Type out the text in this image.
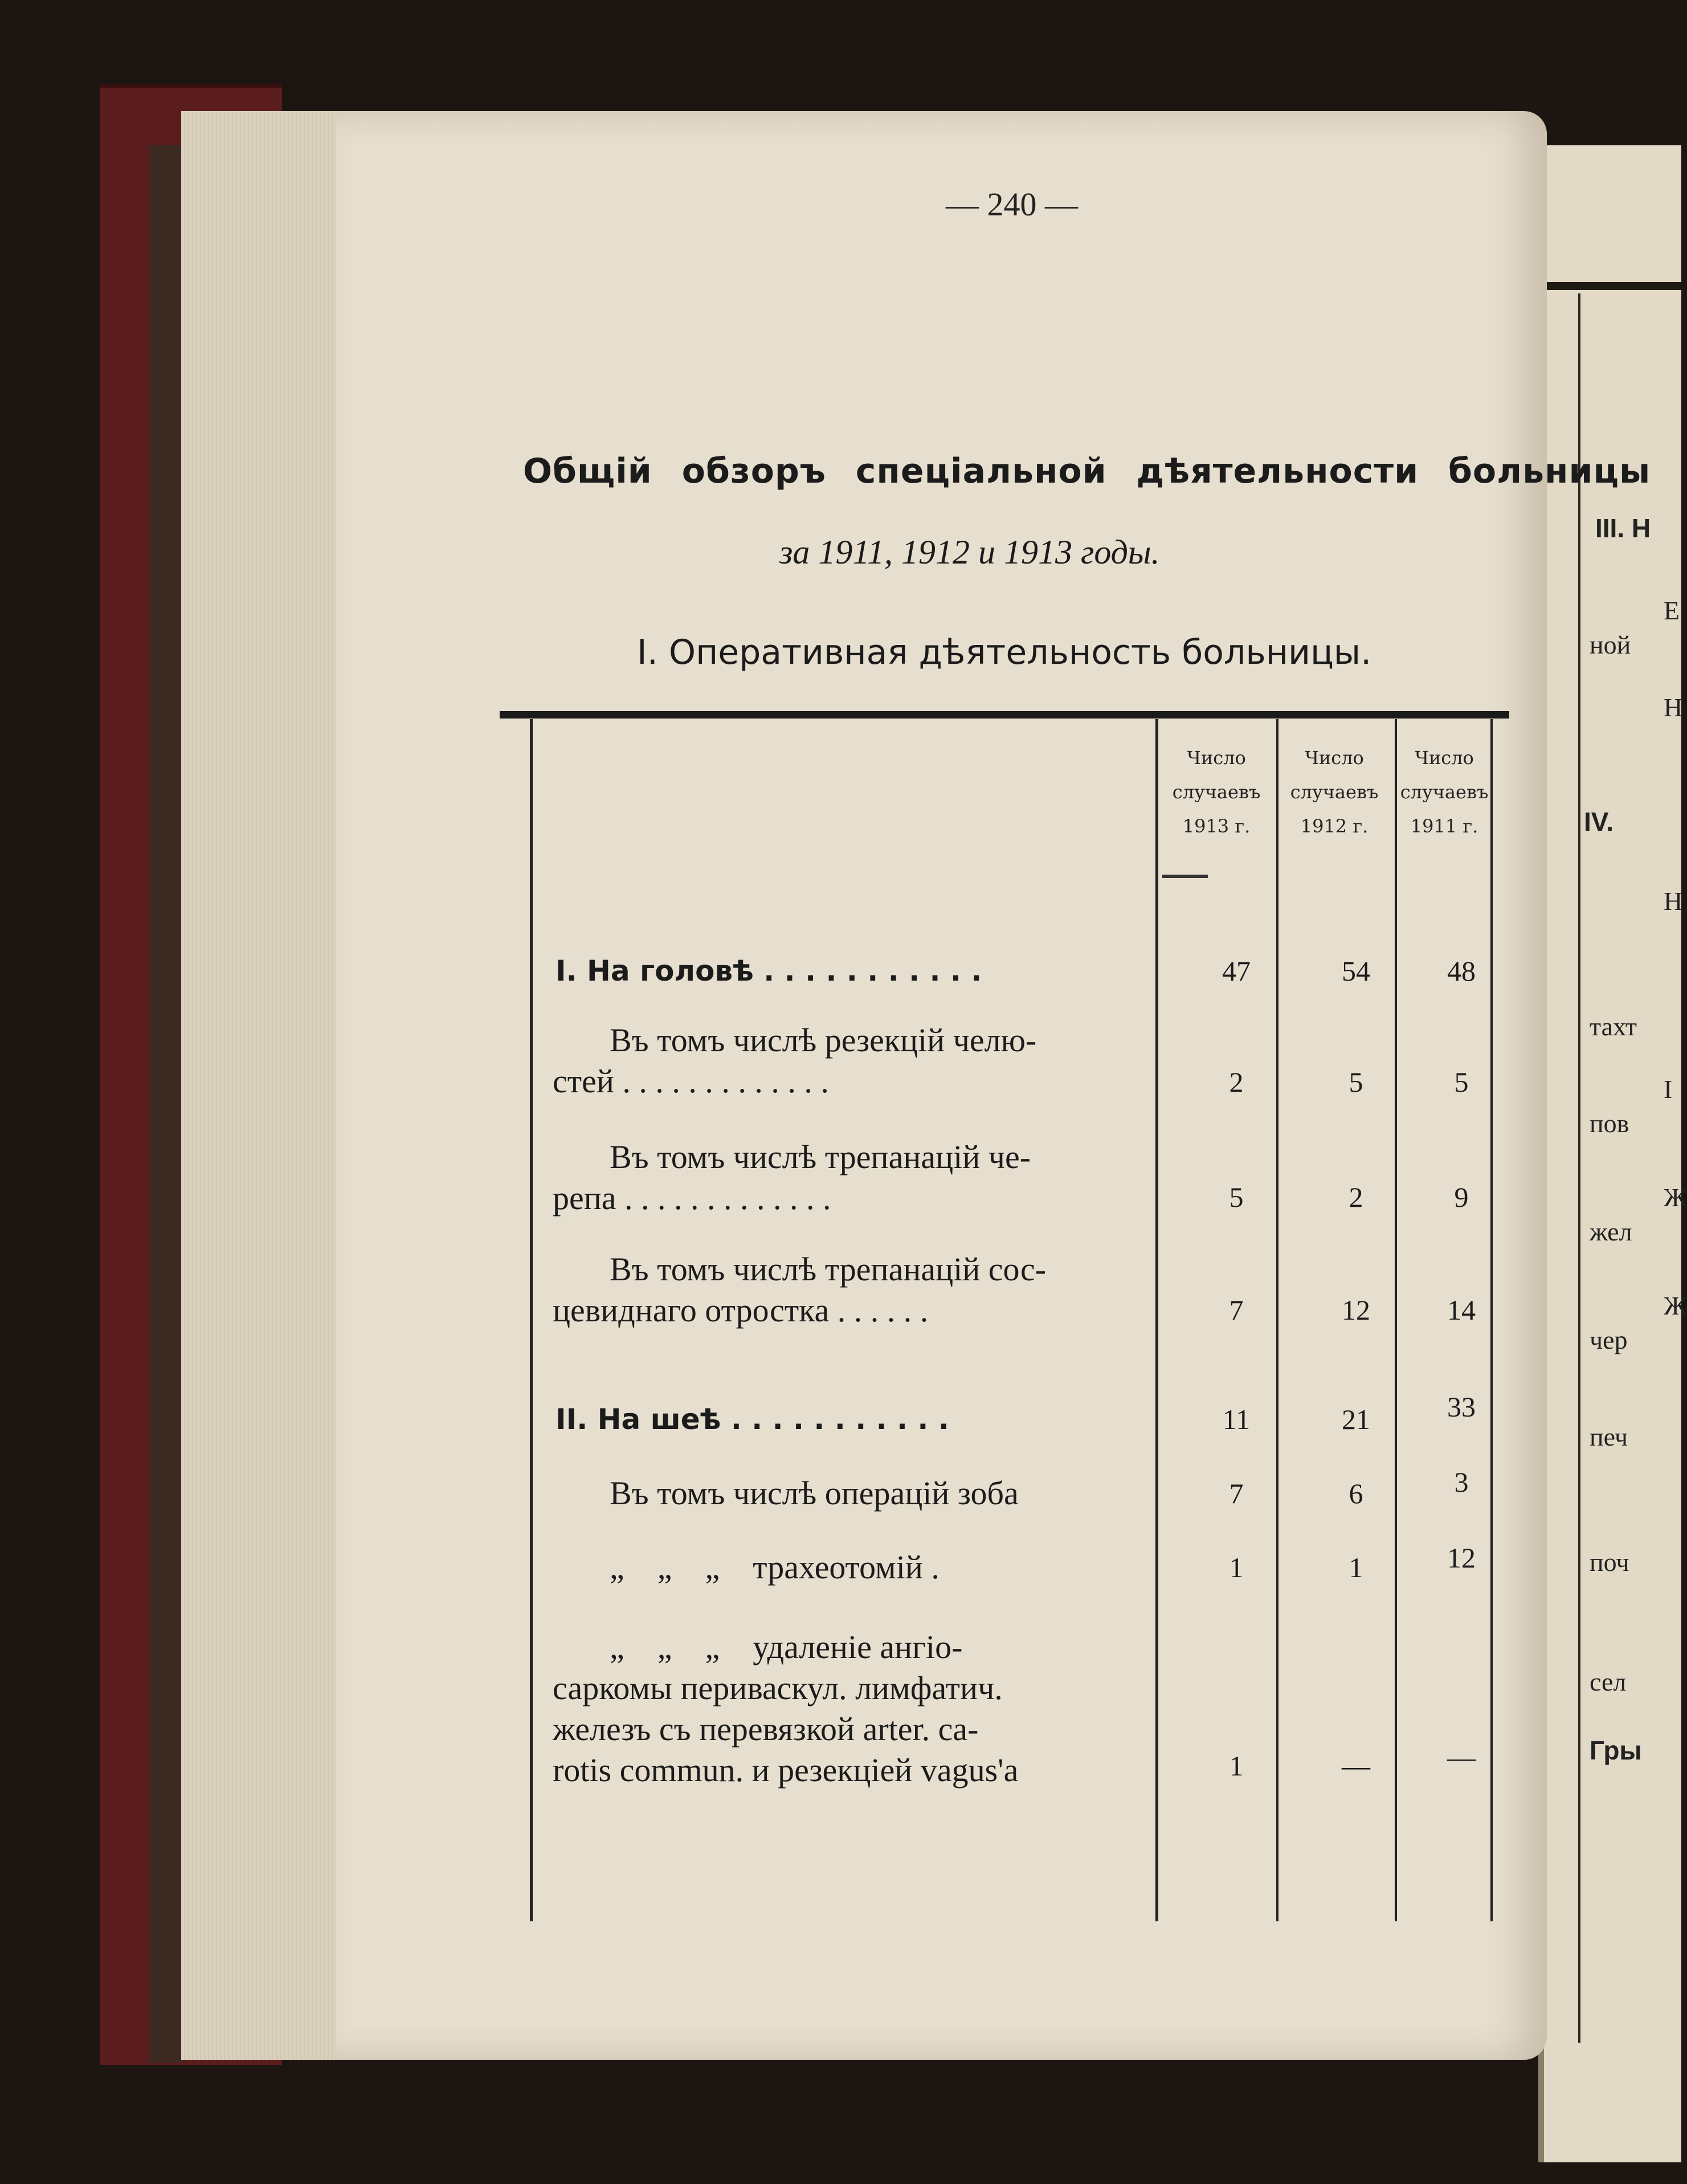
III. Н
Е
ной
Н
IV.
Н
тахт
І
пов
Ж
жел
Ж
чер
печ
поч
сел
Гры
— 240 —
Общій обзоръ спеціальной дѣятельности больницы
за 1911, 1912 и 1913 годы.
I. Оперативная дѣятельность больницы.
Число
случаевъ
1913 г.
Число
случаевъ
1912 г.
Число
случаевъ
1911 г.
I. На головѣ . . . . . . . . . . .	47	54	48
Въ томъ числѣ резекцій челю-
стей . . . . . . . . . . . . .	2	5	5
Въ томъ числѣ трепанацій че-
репа . . . . . . . . . . . . .	5	2	9
Въ томъ числѣ трепанацій сос-
цевиднаго отростка . . . . . .	7	12	14
II. На шеѣ . . . . . . . . . . .	11	21	33
Въ томъ числѣ операцій зоба	7	6	3
„    „    „    трахеотомій .	1	1	12
„    „    „    удаленіе ангіо-
саркомы периваскул. лимфатич.
железъ съ перевязкой arter. ca-
rotis commun. и резекціей vagus'a	1	—	—
